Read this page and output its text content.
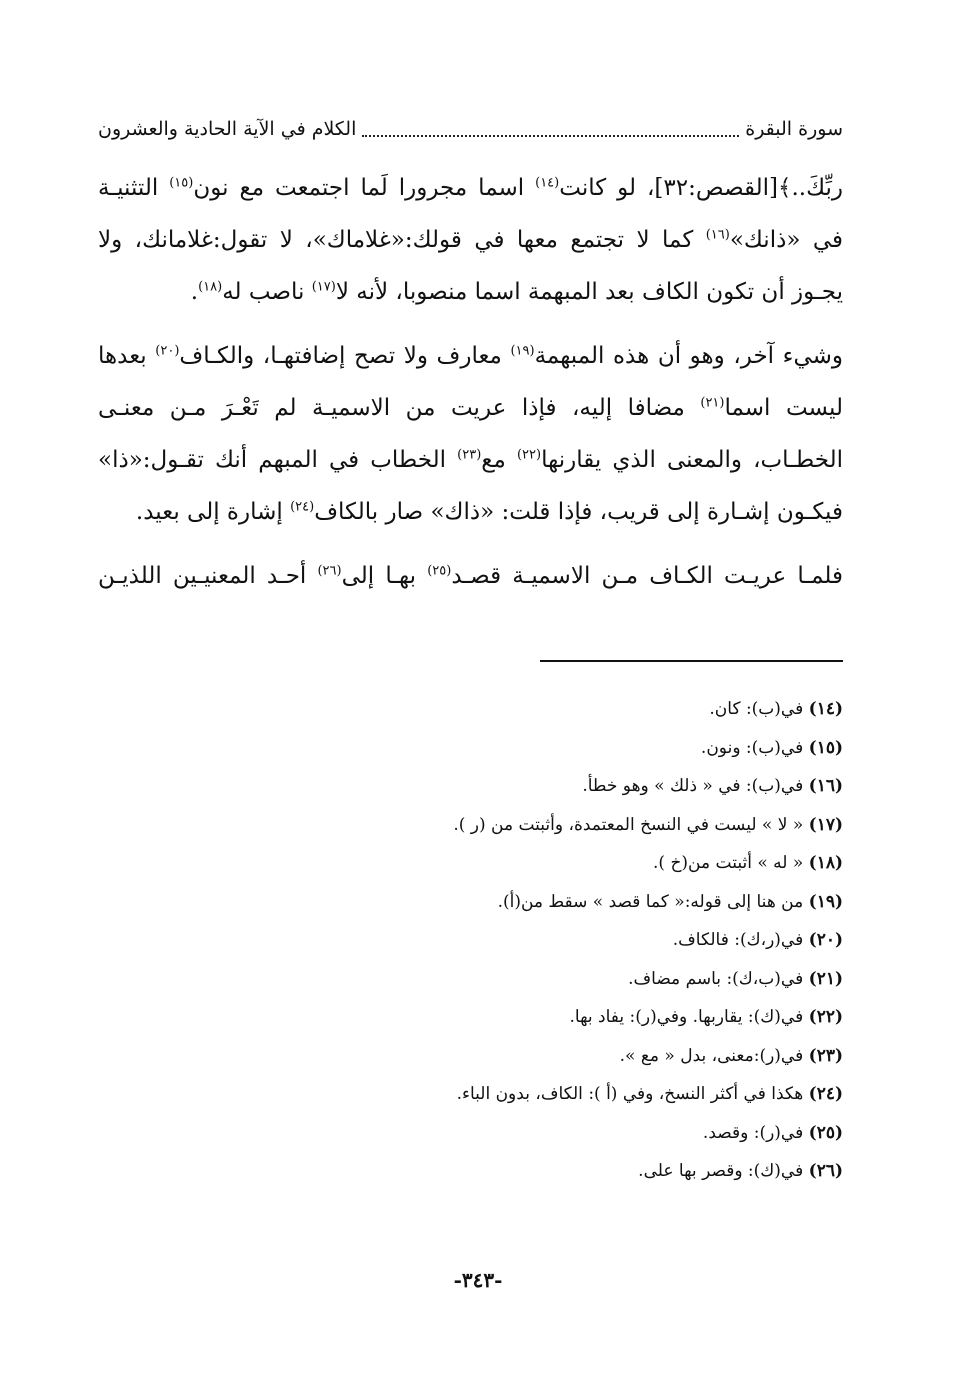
سورة البقرة
الكلام في الآية الحادية والعشرون

ربِّكَ..﴾[القصص:٣٢]، لو كانت$^{(١٤)}$ اسما مجرورا لَما اجتمعت مع نون$^{(١٥)}$ التثنيـة في «ذانك»$^{(١٦)}$ كما لا تجتمع معها في قولك:«غلاماك»، لا تقول:غلامانك، ولا يجـوز أن تكون الكاف بعد المبهمة اسما منصوبا، لأنه لا$^{(١٧)}$ ناصب له$^{(١٨)}$.

وشيء آخر، وهو أن هذه المبهمة$^{(١٩)}$ معارف ولا تصح إضافتهـا، والكـاف$^{(٢٠)}$ بعدها ليست اسما$^{(٢١)}$ مضافا إليه، فإذا عريت من الاسميـة لم تَعْـرَ مـن معنـى الخطـاب، والمعنى الذي يقارنها$^{(٢٢)}$ مع$^{(٢٣)}$ الخطاب في المبهم أنك تقـول:«ذا» فيكـون إشـارة إلى قريب، فإذا قلت: «ذاك» صار بالكاف$^{(٢٤)}$ إشارة إلى بعيد.

فلمـا عريـت الكـاف مـن الاسميـة قصـد$^{(٢٥)}$ بهـا إلى$^{(٢٦)}$ أحـد المعنيـين اللذيـن

(١٤) في(ب): كان.
(١٥) في(ب): ونون.
(١٦) في(ب): في « ذلك » وهو خطأ.
(١٧) « لا » ليست في النسخ المعتمدة، وأثبتت من (ر ).
(١٨) « له » أثبتت من(خ ).
(١٩) من هنا إلى قوله:« كما قصد » سقط من(أ).
(٢٠) في(ر،ك): فالكاف.
(٢١) في(ب،ك): باسم مضاف.
(٢٢) في(ك): يقاربها. وفي(ر): يفاد بها.
(٢٣) في(ر):معنى، بدل « مع ».
(٢٤) هكذا في أكثر النسخ، وفي (أ ): الكاف، بدون الباء.
(٢٥) في(ر): وقصد.
(٢٦) في(ك): وقصر بها على.
-٣٤٣-
